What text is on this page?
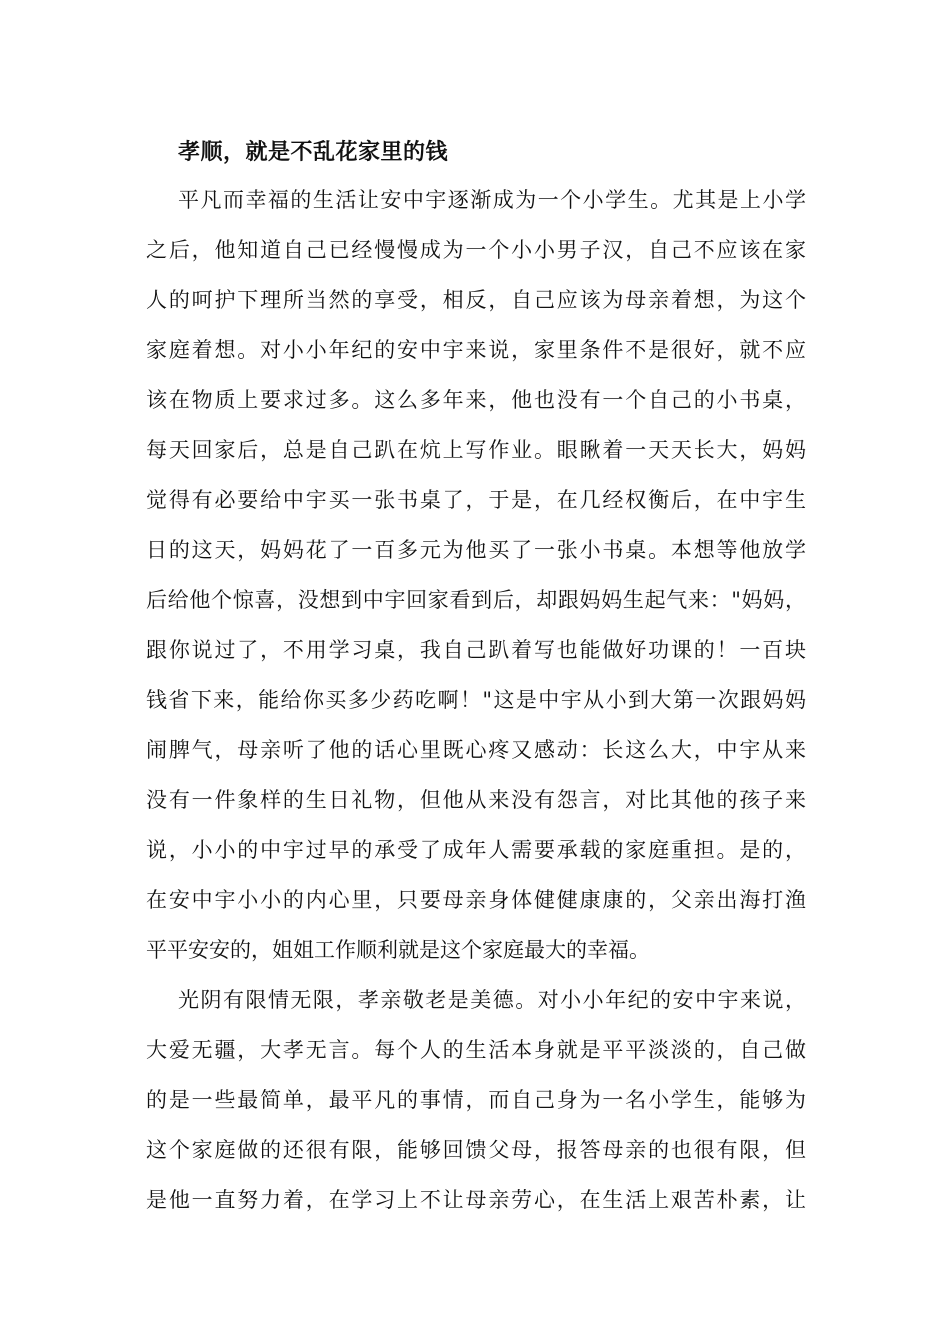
孝顺，就是不乱花家里的钱
平凡而幸福的生活让安中宇逐渐成为一个小学生。尤其是上小学
之后，他知道自己已经慢慢成为一个小小男子汉，自己不应该在家
人的呵护下理所当然的享受，相反，自己应该为母亲着想，为这个
家庭着想。对小小年纪的安中宇来说，家里条件不是很好，就不应
该在物质上要求过多。这么多年来，他也没有一个自己的小书桌，
每天回家后，总是自己趴在炕上写作业。眼瞅着一天天长大，妈妈
觉得有必要给中宇买一张书桌了，于是，在几经权衡后，在中宇生
日的这天，妈妈花了一百多元为他买了一张小书桌。本想等他放学
后给他个惊喜，没想到中宇回家看到后，却跟妈妈生起气来："妈妈，
跟你说过了，不用学习桌，我自己趴着写也能做好功课的！一百块
钱省下来，能给你买多少药吃啊！"这是中宇从小到大第一次跟妈妈
闹脾气，母亲听了他的话心里既心疼又感动：长这么大，中宇从来
没有一件象样的生日礼物，但他从来没有怨言，对比其他的孩子来
说，小小的中宇过早的承受了成年人需要承载的家庭重担。是的，
在安中宇小小的内心里，只要母亲身体健健康康的，父亲出海打渔
平平安安的，姐姐工作顺利就是这个家庭最大的幸福。
光阴有限情无限，孝亲敬老是美德。对小小年纪的安中宇来说，
大爱无疆，大孝无言。每个人的生活本身就是平平淡淡的，自己做
的是一些最简单，最平凡的事情，而自己身为一名小学生，能够为
这个家庭做的还很有限，能够回馈父母，报答母亲的也很有限，但
是他一直努力着，在学习上不让母亲劳心，在生活上艰苦朴素，让
